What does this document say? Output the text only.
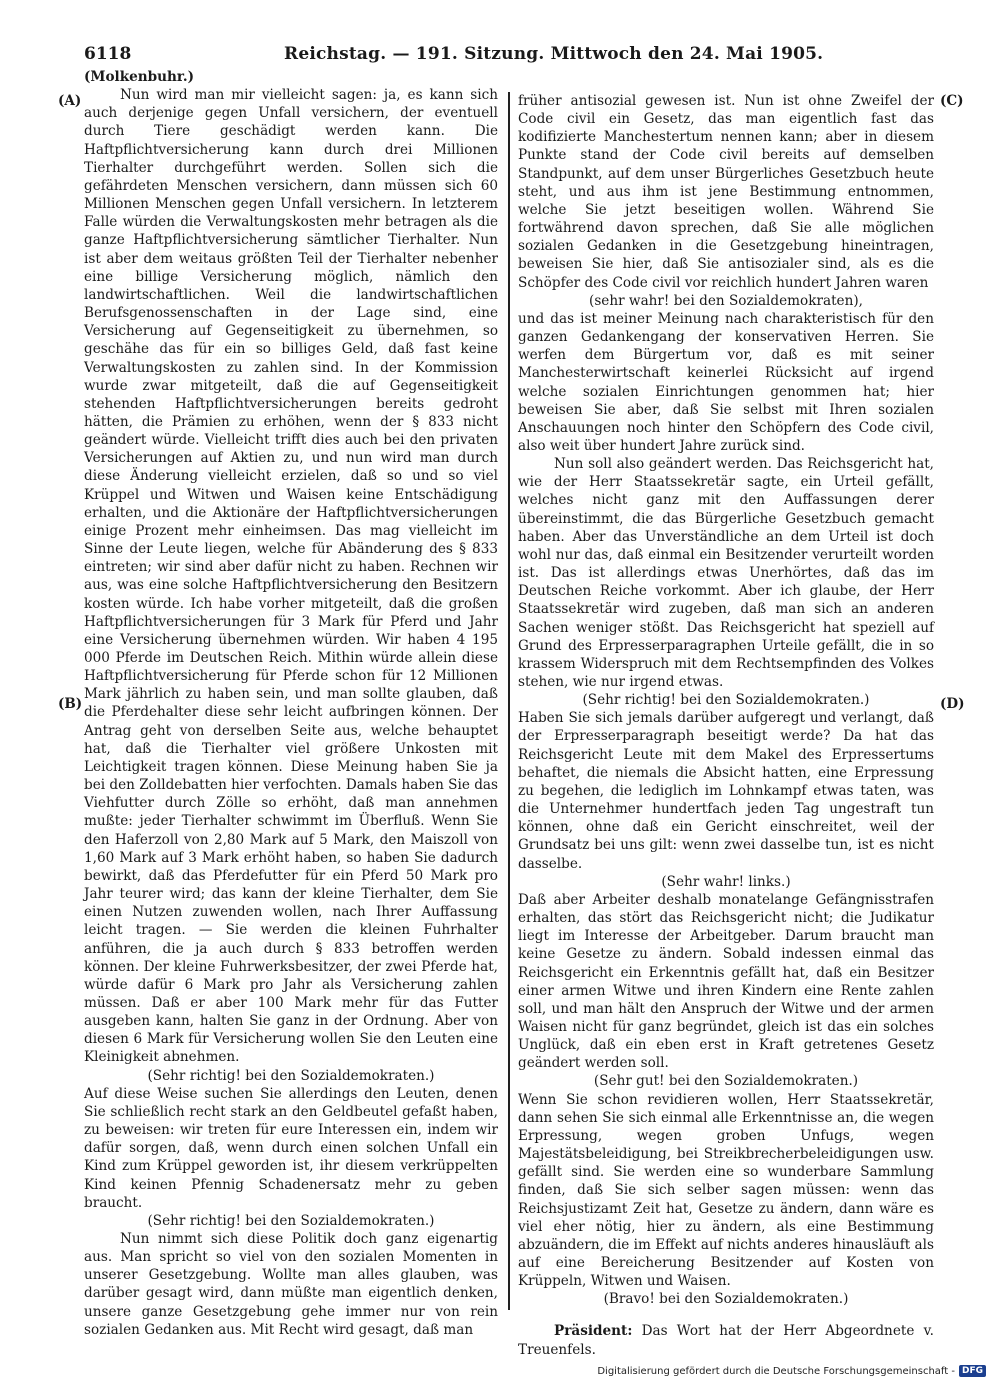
6118	Reichstag. — 191. Sitzung. Mittwoch den 24. Mai 1905.
(A)
(B)
(C)
(D)

(Molkenbuhr.)

Nun wird man mir vielleicht sagen: ja, es kann sich auch derjenige gegen Unfall versichern, der eventuell durch Tiere geschädigt werden kann. Die Haftpflichtversicherung kann durch drei Millionen Tierhalter durchgeführt werden. Sollen sich die gefährdeten Menschen versichern, dann müssen sich 60 Millionen Menschen gegen Unfall versichern. In letzterem Falle würden die Verwaltungskosten mehr betragen als die ganze Haftpflichtversicherung sämtlicher Tierhalter. Nun ist aber dem weitaus größten Teil der Tierhalter nebenher eine billige Versicherung möglich, nämlich den landwirtschaftlichen. Weil die landwirtschaftlichen Berufsgenossenschaften in der Lage sind, eine Versicherung auf Gegenseitigkeit zu übernehmen, so geschähe das für ein so billiges Geld, daß fast keine Verwaltungskosten zu zahlen sind. In der Kommission wurde zwar mitgeteilt, daß die auf Gegenseitigkeit stehenden Haftpflichtversicherungen bereits gedroht hätten, die Prämien zu erhöhen, wenn der § 833 nicht geändert würde. Vielleicht trifft dies auch bei den privaten Versicherungen auf Aktien zu, und nun wird man durch diese Änderung vielleicht erzielen, daß so und so viel Krüppel und Witwen und Waisen keine Entschädigung erhalten, und die Aktionäre der Haftpflichtversicherungen einige Prozent mehr einheimsen. Das mag vielleicht im Sinne der Leute liegen, welche für Abänderung des § 833 eintreten; wir sind aber dafür nicht zu haben. Rechnen wir aus, was eine solche Haftpflichtversicherung den Besitzern kosten würde. Ich habe vorher mitgeteilt, daß die großen Haftpflichtversicherungen für 3 Mark für Pferd und Jahr eine Versicherung übernehmen würden. Wir haben 4 195 000 Pferde im Deutschen Reich. Mithin würde allein diese Haftpflichtversicherung für Pferde schon für 12 Millionen Mark jährlich zu haben sein, und man sollte glauben, daß die Pferdehalter diese sehr leicht aufbringen können. Der Antrag geht von derselben Seite aus, welche behauptet hat, daß die Tierhalter viel größere Unkosten mit Leichtigkeit tragen können. Diese Meinung haben Sie ja bei den Zolldebatten hier verfochten. Damals haben Sie das Viehfutter durch Zölle so erhöht, daß man annehmen mußte: jeder Tierhalter schwimmt im Überfluß. Wenn Sie den Haferzoll von 2,80 Mark auf 5 Mark, den Maiszoll von 1,60 Mark auf 3 Mark erhöht haben, so haben Sie dadurch bewirkt, daß das Pferdefutter für ein Pferd 50 Mark pro Jahr teurer wird; das kann der kleine Tierhalter, dem Sie einen Nutzen zuwenden wollen, nach Ihrer Auffassung leicht tragen. — Sie werden die kleinen Fuhrhalter anführen, die ja auch durch § 833 betroffen werden können. Der kleine Fuhrwerksbesitzer, der zwei Pferde hat, würde dafür 6 Mark pro Jahr als Versicherung zahlen müssen. Daß er aber 100 Mark mehr für das Futter ausgeben kann, halten Sie ganz in der Ordnung. Aber von diesen 6 Mark für Versicherung wollen Sie den Leuten eine Kleinigkeit abnehmen.

(Sehr richtig! bei den Sozialdemokraten.)

Auf diese Weise suchen Sie allerdings den Leuten, denen Sie schließlich recht stark an den Geldbeutel gefaßt haben, zu beweisen: wir treten für eure Interessen ein, indem wir dafür sorgen, daß, wenn durch einen solchen Unfall ein Kind zum Krüppel geworden ist, ihr diesem verkrüppelten Kind keinen Pfennig Schadenersatz mehr zu geben braucht.

(Sehr richtig! bei den Sozialdemokraten.)

Nun nimmt sich diese Politik doch ganz eigenartig aus. Man spricht so viel von den sozialen Momenten in unserer Gesetzgebung. Wollte man alles glauben, was darüber gesagt wird, dann müßte man eigentlich denken, unsere ganze Gesetzgebung gehe immer nur von rein sozialen Gedanken aus. Mit Recht wird gesagt, daß man

früher antisozial gewesen ist. Nun ist ohne Zweifel der Code civil ein Gesetz, das man eigentlich fast das kodifizierte Manchestertum nennen kann; aber in diesem Punkte stand der Code civil bereits auf demselben Standpunkt, auf dem unser Bürgerliches Gesetzbuch heute steht, und aus ihm ist jene Bestimmung entnommen, welche Sie jetzt beseitigen wollen. Während Sie fortwährend davon sprechen, daß Sie alle möglichen sozialen Gedanken in die Gesetzgebung hineintragen, beweisen Sie hier, daß Sie antisozialer sind, als es die Schöpfer des Code civil vor reichlich hundert Jahren waren

(sehr wahr! bei den Sozialdemokraten),

und das ist meiner Meinung nach charakteristisch für den ganzen Gedankengang der konservativen Herren. Sie werfen dem Bürgertum vor, daß es mit seiner Manchesterwirtschaft keinerlei Rücksicht auf irgend welche sozialen Einrichtungen genommen hat; hier beweisen Sie aber, daß Sie selbst mit Ihren sozialen Anschauungen noch hinter den Schöpfern des Code civil, also weit über hundert Jahre zurück sind.

Nun soll also geändert werden. Das Reichsgericht hat, wie der Herr Staatssekretär sagte, ein Urteil gefällt, welches nicht ganz mit den Auffassungen derer übereinstimmt, die das Bürgerliche Gesetzbuch gemacht haben. Aber das Unverständliche an dem Urteil ist doch wohl nur das, daß einmal ein Besitzender verurteilt worden ist. Das ist allerdings etwas Unerhörtes, daß das im Deutschen Reiche vorkommt. Aber ich glaube, der Herr Staatssekretär wird zugeben, daß man sich an anderen Sachen weniger stößt. Das Reichsgericht hat speziell auf Grund des Erpresserparagraphen Urteile gefällt, die in so krassem Widerspruch mit dem Rechtsempfinden des Volkes stehen, wie nur irgend etwas.

(Sehr richtig! bei den Sozialdemokraten.)

Haben Sie sich jemals darüber aufgeregt und verlangt, daß der Erpresserparagraph beseitigt werde? Da hat das Reichsgericht Leute mit dem Makel des Erpressertums behaftet, die niemals die Absicht hatten, eine Erpressung zu begehen, die lediglich im Lohnkampf etwas taten, was die Unternehmer hundertfach jeden Tag ungestraft tun können, ohne daß ein Gericht einschreitet, weil der Grundsatz bei uns gilt: wenn zwei dasselbe tun, ist es nicht dasselbe.

(Sehr wahr! links.)

Daß aber Arbeiter deshalb monatelange Gefängnisstrafen erhalten, das stört das Reichsgericht nicht; die Judikatur liegt im Interesse der Arbeitgeber. Darum braucht man keine Gesetze zu ändern. Sobald indessen einmal das Reichsgericht ein Erkenntnis gefällt hat, daß ein Besitzer einer armen Witwe und ihren Kindern eine Rente zahlen soll, und man hält den Anspruch der Witwe und der armen Waisen nicht für ganz begründet, gleich ist das ein solches Unglück, daß ein eben erst in Kraft getretenes Gesetz geändert werden soll.

(Sehr gut! bei den Sozialdemokraten.)

Wenn Sie schon revidieren wollen, Herr Staatssekretär, dann sehen Sie sich einmal alle Erkenntnisse an, die wegen Erpressung, wegen groben Unfugs, wegen Majestätsbeleidigung, bei Streikbrecherbeleidigungen usw. gefällt sind. Sie werden eine so wunderbare Sammlung finden, daß Sie sich selber sagen müssen: wenn das Reichsjustizamt Zeit hat, Gesetze zu ändern, dann wäre es viel eher nötig, hier zu ändern, als eine Bestimmung abzuändern, die im Effekt auf nichts anderes hinausläuft als auf eine Bereicherung Besitzender auf Kosten von Krüppeln, Witwen und Waisen.

(Bravo! bei den Sozialdemokraten.)

Präsident: Das Wort hat der Herr Abgeordnete v. Treuenfels.

Digitalisierung gefördert durch die Deutsche Forschungsgemeinschaft - DFG
